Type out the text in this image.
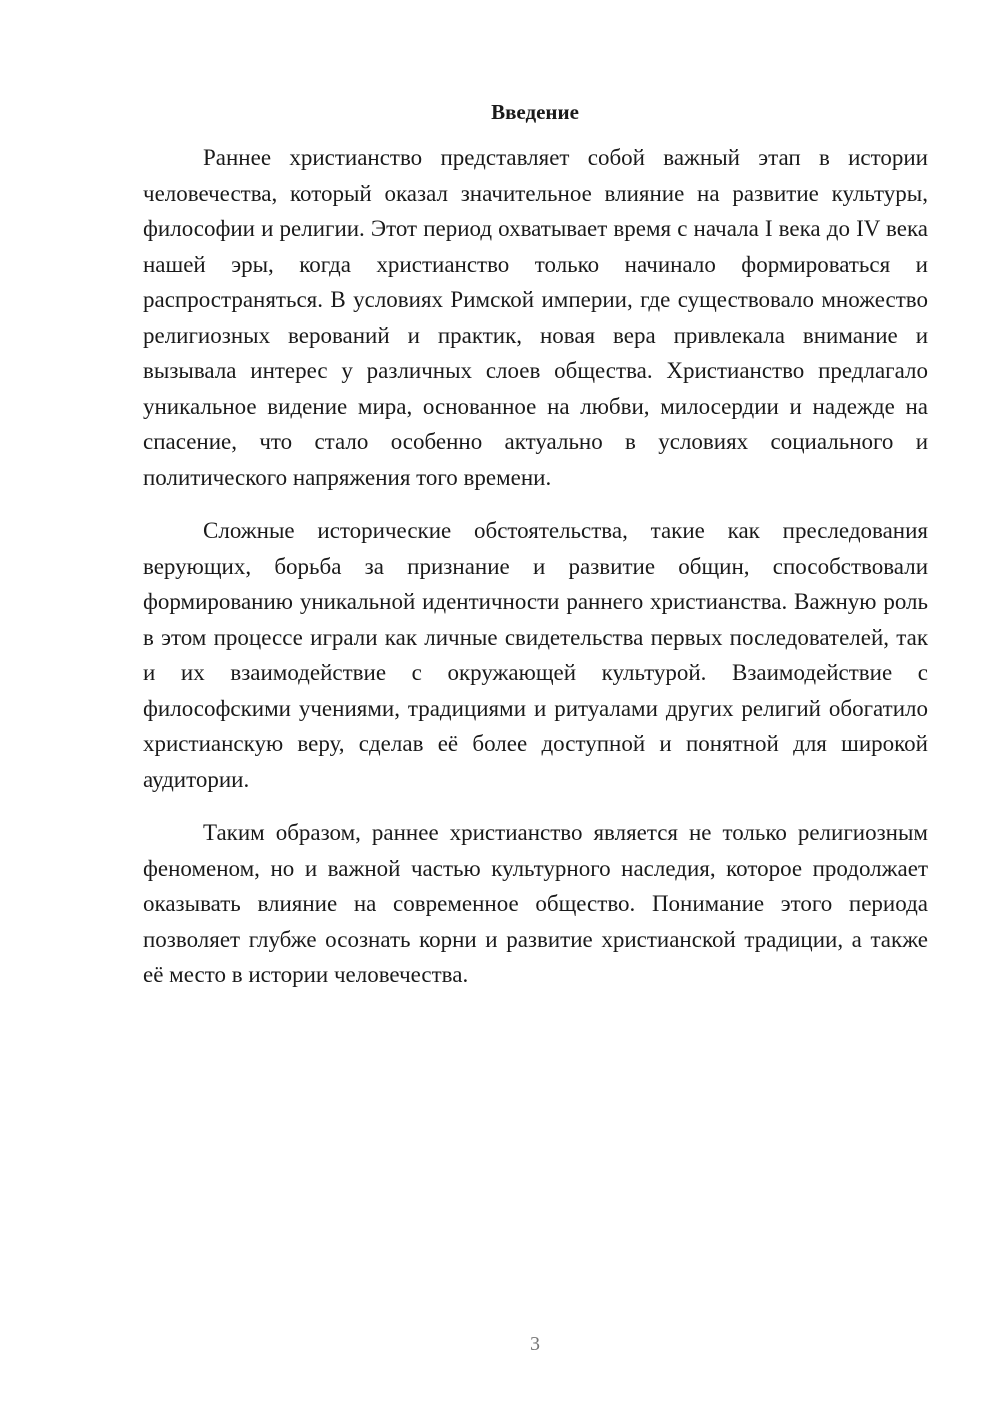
Введение

Раннее христианство представляет собой важный этап в истории человечества, который оказал значительное влияние на развитие культуры, философии и религии. Этот период охватывает время с начала I века до IV века нашей эры, когда христианство только начинало формироваться и распространяться. В условиях Римской империи, где существовало множество религиозных верований и практик, новая вера привлекала внимание и вызывала интерес у различных слоев общества. Христианство предлагало уникальное видение мира, основанное на любви, милосердии и надежде на спасение, что стало особенно актуально в условиях социального и политического напряжения того времени.

Сложные исторические обстоятельства, такие как преследования верующих, борьба за признание и развитие общин, способствовали формированию уникальной идентичности раннего христианства. Важную роль в этом процессе играли как личные свидетельства первых последователей, так и их взаимодействие с окружающей культурой. Взаимодействие с философскими учениями, традициями и ритуалами других религий обогатило христианскую веру, сделав её более доступной и понятной для широкой аудитории.

Таким образом, раннее христианство является не только религиозным феноменом, но и важной частью культурного наследия, которое продолжает оказывать влияние на современное общество. Понимание этого периода позволяет глубже осознать корни и развитие христианской традиции, а также её место в истории человечества.

3
